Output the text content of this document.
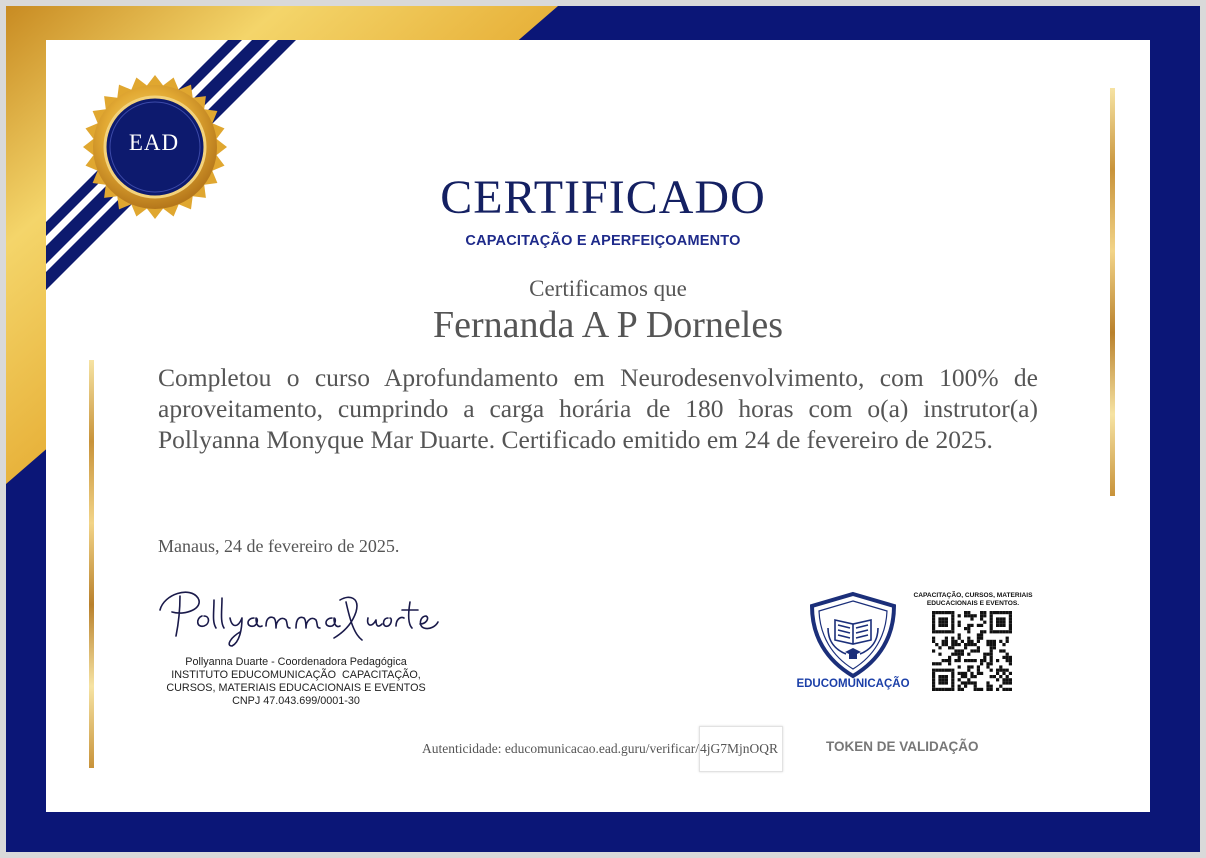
EAD
CERTIFICADO
CAPACITAÇÃO E APERFEIÇOAMENTO
Certificamos que
Fernanda A P Dorneles
Completou o curso Aprofundamento em Neurodesenvolvimento, com 100% de aproveitamento, cumprindo a carga horária de 180 horas com o(a) instrutor(a) Pollyanna Monyque Mar Duarte. Certificado emitido em 24 de fevereiro de 2025.
Manaus, 24 de fevereiro de 2025.
Pollyanna Duarte - Coordenadora Pedagógica
INSTITUTO EDUCOMUNICAÇÃO  CAPACITAÇÃO,
CURSOS, MATERIAIS EDUCACIONAIS E EVENTOS
CNPJ 47.043.699/0001-30
Autenticidade: educomunicacao.ead.guru/verificar/ 4jG7MjnOQR	TOKEN DE VALIDAÇÃO
EDUCOMUNICAÇÃO
CAPACITAÇÃO, CURSOS, MATERIAIS
EDUCACIONAIS E EVENTOS.
